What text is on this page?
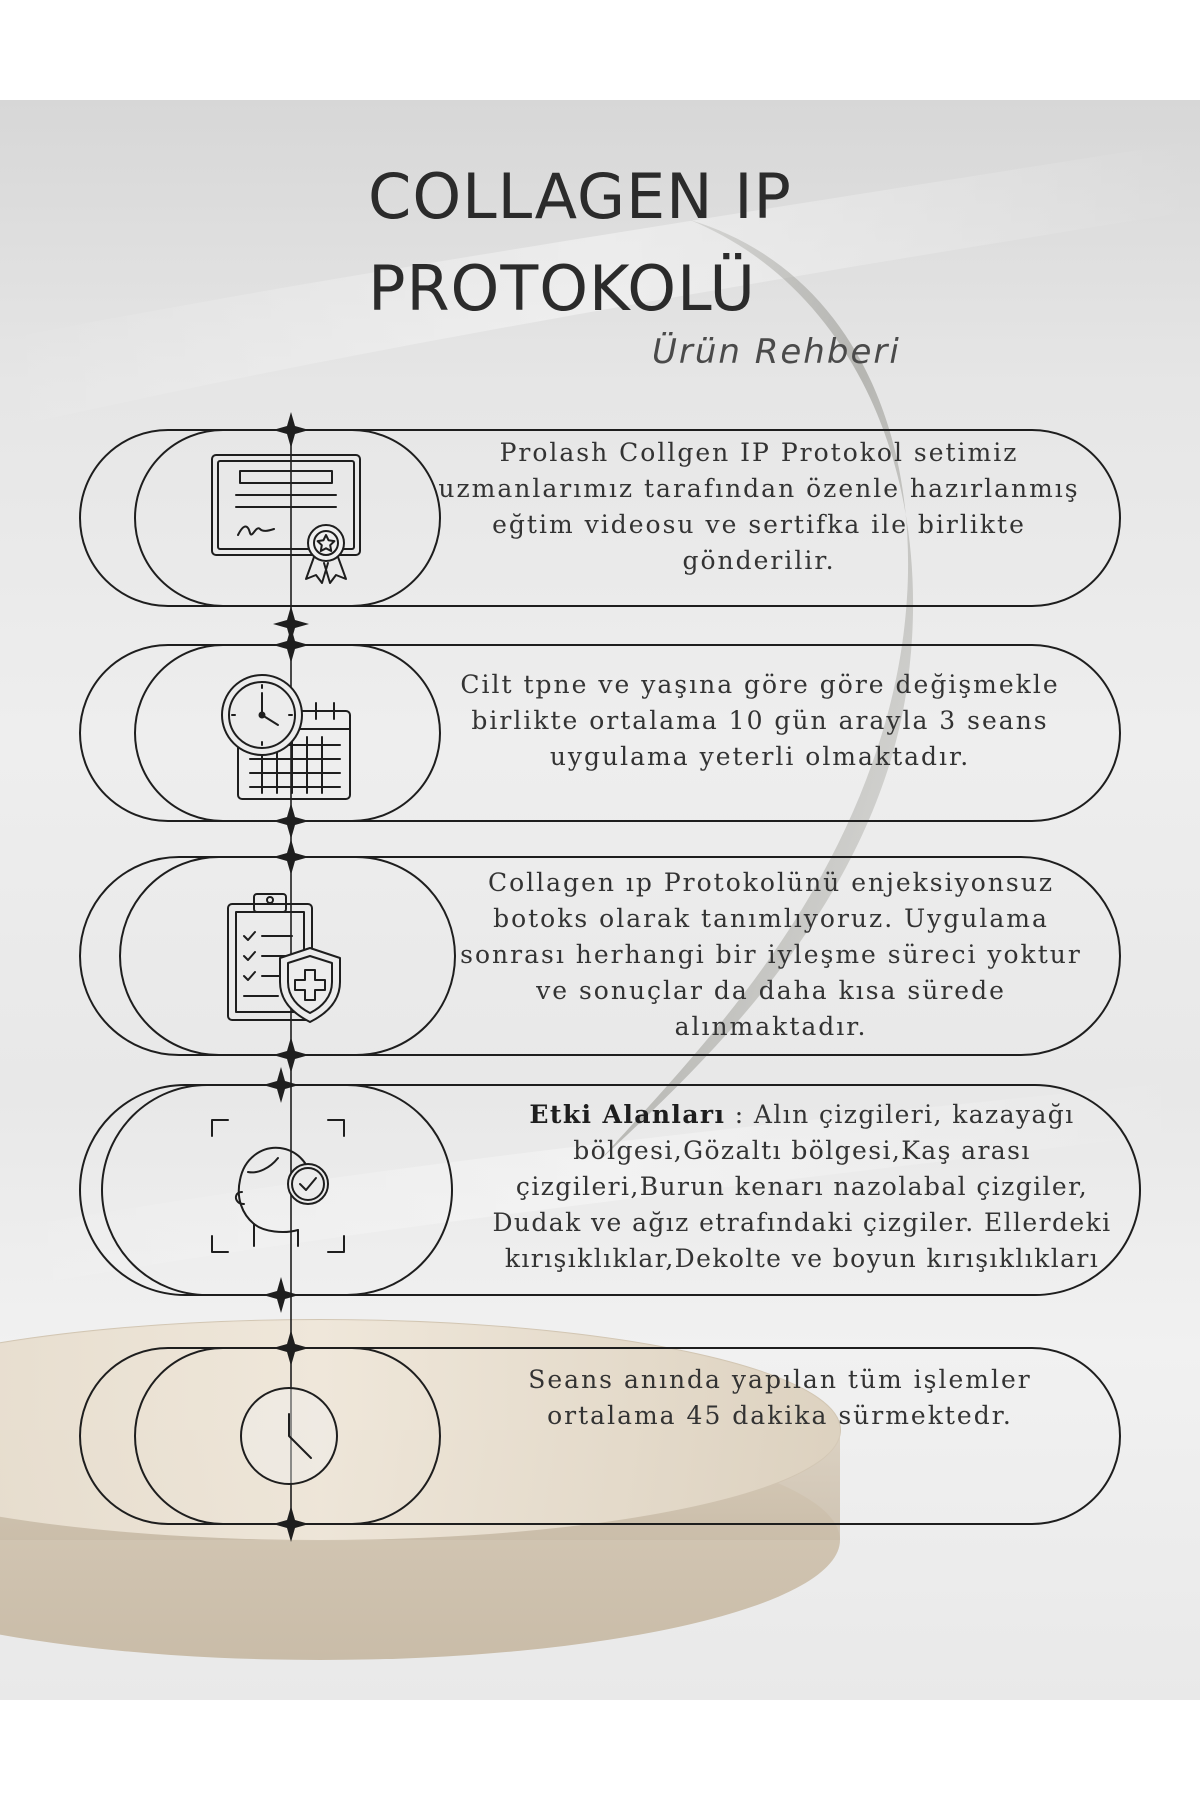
COLLAGEN IP
PROTOKOLÜ

Ürün Rehberi

Prolash Collgen IP Protokol setimiz uzmanlarımız tarafından özenle hazırlanmış eğtim videosu ve sertifka ile birlikte gönderilir.
Cilt tpne ve yaşına göre göre değişmekle birlikte ortalama 10 gün arayla 3 seans uygulama yeterli olmaktadır.
Collagen ıp Protokolünü enjeksiyonsuz botoks olarak tanımlıyoruz. Uygulama sonrası herhangi bir iyleşme süreci yoktur ve sonuçlar da daha kısa sürede alınmaktadır.
Etki Alanları : Alın çizgileri, kazayağı bölgesi,Gözaltı bölgesi,Kaş arası çizgileri,Burun kenarı nazolabal çizgiler, Dudak ve ağız etrafındaki çizgiler. Ellerdeki kırışıklıklar,Dekolte ve boyun kırışıklıkları
Seans anında yapılan tüm işlemler ortalama 45 dakika sürmektedr.
